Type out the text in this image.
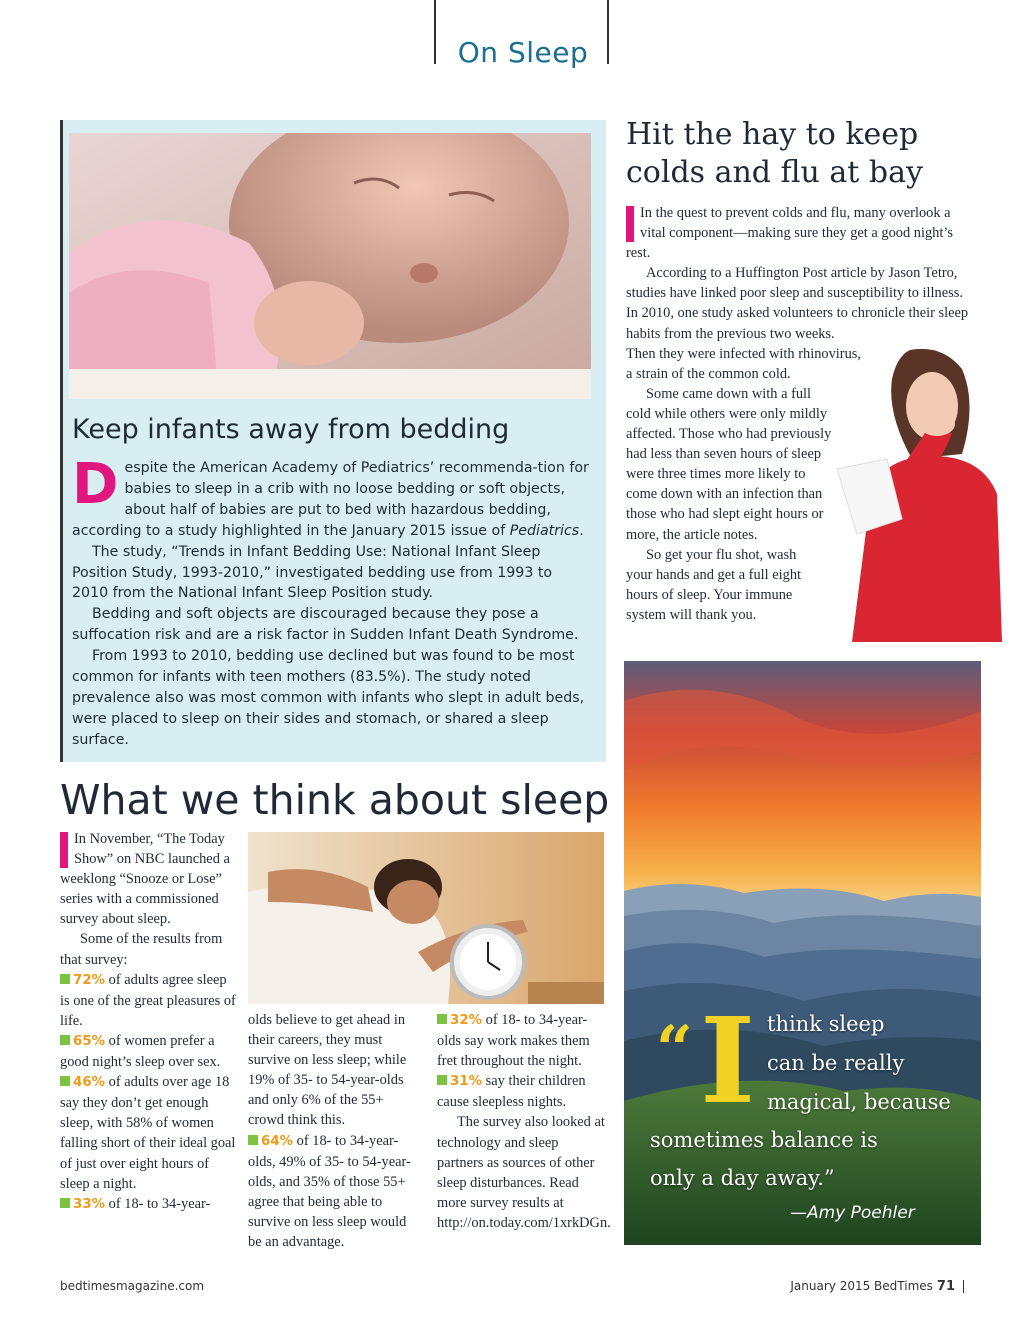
On Sleep
Keep infants away from bedding

Despite the American Academy of Pediatrics’ recommenda-tion for babies to sleep in a crib with no loose bedding or soft objects, about half of babies are put to bed with hazardous bedding, according to a study highlighted in the January 2015 issue of Pediatrics.

The study, “Trends in Infant Bedding Use: National Infant Sleep Position Study, 1993-2010,” investigated bedding use from 1993 to 2010 from the National Infant Sleep Position study.

Bedding and soft objects are discouraged because they pose a suffocation risk and are a risk factor in Sudden Infant Death Syndrome.

From 1993 to 2010, bedding use declined but was found to be most common for infants with teen mothers (83.5%). The study noted prevalence also was most common with infants who slept in adult beds, were placed to sleep on their sides and stomach, or shared a sleep surface.

Hit the hay to keep colds and flu at bay

In the quest to prevent colds and flu, many overlook a vital component—making sure they get a good night’s rest.

According to a Huffington Post article by Jason Tetro, studies have linked poor sleep and susceptibility to illness. In 2010, one study asked volunteers to chronicle their sleep habits from the previous two weeks.

Then they were infected with rhinovirus, a strain of the common cold.

Some came down with a full cold while others were only mildly affected. Those who had previously had less than seven hours of sleep were three times more likely to come down with an infection than those who had slept eight hours or more, the article notes.

So get your flu shot, wash your hands and get a full eight hours of sleep. Your immune system will thank you.

“ I think sleep
can be really
magical, because
sometimes balance is
only a day away.”
—Amy Poehler
What we think about sleep

In November, “The Today Show” on NBC launched a weeklong “Snooze or Lose” series with a commissioned survey about sleep.

Some of the results from that survey:

72% of adults agree sleep is one of the great pleasures of life.

65% of women prefer a good night’s sleep over sex.

46% of adults over age 18 say they don’t get enough sleep, with 58% of women falling short of their ideal goal of just over eight hours of sleep a night.

33% of 18- to 34-year-

olds believe to get ahead in their careers, they must survive on less sleep; while 19% of 35- to 54-year-olds and only 6% of the 55+ crowd think this.

64% of 18- to 34-year-olds, 49% of 35- to 54-year-olds, and 35% of those 55+ agree that being able to survive on less sleep would be an advantage.

32% of 18- to 34-year-olds say work makes them fret throughout the night.

31% say their children cause sleepless nights.

The survey also looked at technology and sleep partners as sources of other sleep disturbances. Read more survey results at http://on.today.com/1xrkDGn.

bedtimesmagazine.com	January 2015 BedTimes 71
